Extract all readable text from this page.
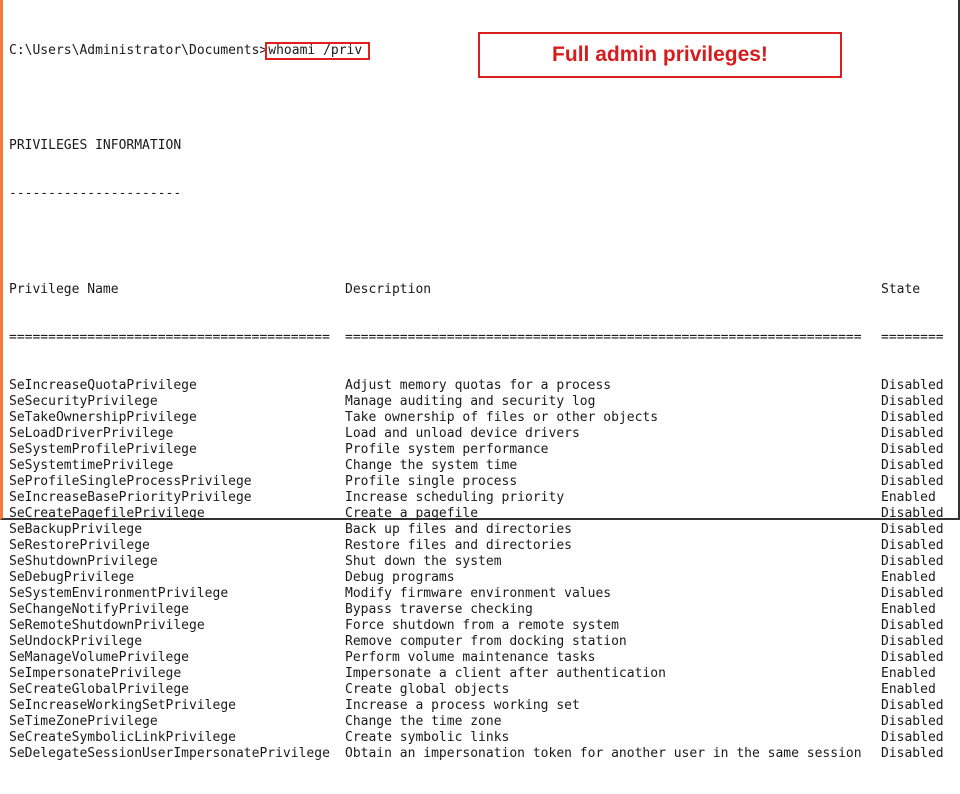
C:\Users\Administrator\Documents>whoami /priv

PRIVILEGES INFORMATION

----------------------

Privilege Name	Description	State

=========================================	==================================================================	========

SeIncreaseQuotaPrivilege	Adjust memory quotas for a process	Disabled
SeSecurityPrivilege	Manage auditing and security log	Disabled
SeTakeOwnershipPrivilege	Take ownership of files or other objects	Disabled
SeLoadDriverPrivilege	Load and unload device drivers	Disabled
SeSystemProfilePrivilege	Profile system performance	Disabled
SeSystemtimePrivilege	Change the system time	Disabled
SeProfileSingleProcessPrivilege	Profile single process	Disabled
SeIncreaseBasePriorityPrivilege	Increase scheduling priority	Enabled
SeCreatePagefilePrivilege	Create a pagefile	Disabled
SeBackupPrivilege	Back up files and directories	Disabled
SeRestorePrivilege	Restore files and directories	Disabled
SeShutdownPrivilege	Shut down the system	Disabled
SeDebugPrivilege	Debug programs	Enabled
SeSystemEnvironmentPrivilege	Modify firmware environment values	Disabled
SeChangeNotifyPrivilege	Bypass traverse checking	Enabled
SeRemoteShutdownPrivilege	Force shutdown from a remote system	Disabled
SeUndockPrivilege	Remove computer from docking station	Disabled
SeManageVolumePrivilege	Perform volume maintenance tasks	Disabled
SeImpersonatePrivilege	Impersonate a client after authentication	Enabled
SeCreateGlobalPrivilege	Create global objects	Enabled
SeIncreaseWorkingSetPrivilege	Increase a process working set	Disabled
SeTimeZonePrivilege	Change the time zone	Disabled
SeCreateSymbolicLinkPrivilege	Create symbolic links	Disabled
SeDelegateSessionUserImpersonatePrivilege	Obtain an impersonation token for another user in the same session	Disabled

Full admin privileges!
